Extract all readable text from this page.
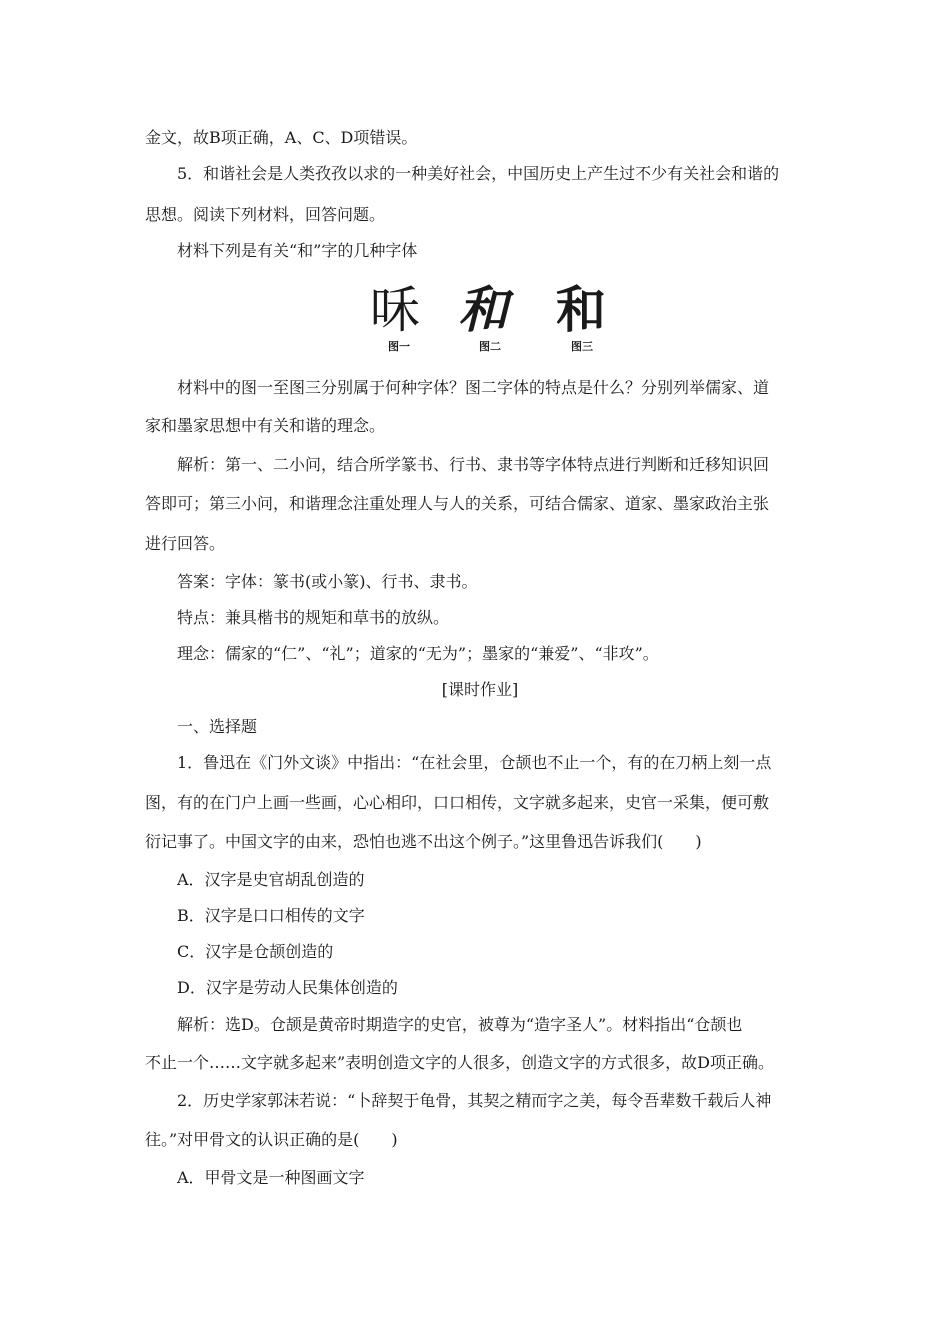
金文，故B项正确，A、C、D项错误。
5．和谐社会是人类孜孜以求的一种美好社会，中国历史上产生过不少有关社会和谐的
思想。阅读下列材料，回答问题。
材料下列是有关“和”字的几种字体
咊 和 和
图一	图二	图三
材料中的图一至图三分别属于何种字体？图二字体的特点是什么？分别列举儒家、道
家和墨家思想中有关和谐的理念。
解析：第一、二小问，结合所学篆书、行书、隶书等字体特点进行判断和迁移知识回
答即可；第三小问，和谐理念注重处理人与人的关系，可结合儒家、道家、墨家政治主张
进行回答。
答案：字体：篆书(或小篆)、行书、隶书。
特点：兼具楷书的规矩和草书的放纵。
理念：儒家的“仁”、“礼”；道家的“无为”；墨家的“兼爱”、“非攻”。
[课时作业]
一、选择题
1．鲁迅在《门外文谈》中指出：“在社会里，仓颉也不止一个，有的在刀柄上刻一点
图，有的在门户上画一些画，心心相印，口口相传，文字就多起来，史官一采集，便可敷
衍记事了。中国文字的由来，恐怕也逃不出这个例子。”这里鲁迅告诉我们(　　)
A．汉字是史官胡乱创造的
B．汉字是口口相传的文字
C．汉字是仓颉创造的
D．汉字是劳动人民集体创造的
解析：选D。仓颉是黄帝时期造字的史官，被尊为“造字圣人”。材料指出“仓颉也
不止一个……文字就多起来”表明创造文字的人很多，创造文字的方式很多，故D项正确。
2．历史学家郭沫若说：“卜辞契于龟骨，其契之精而字之美，每令吾辈数千载后人神
往。”对甲骨文的认识正确的是(　　)
A．甲骨文是一种图画文字
